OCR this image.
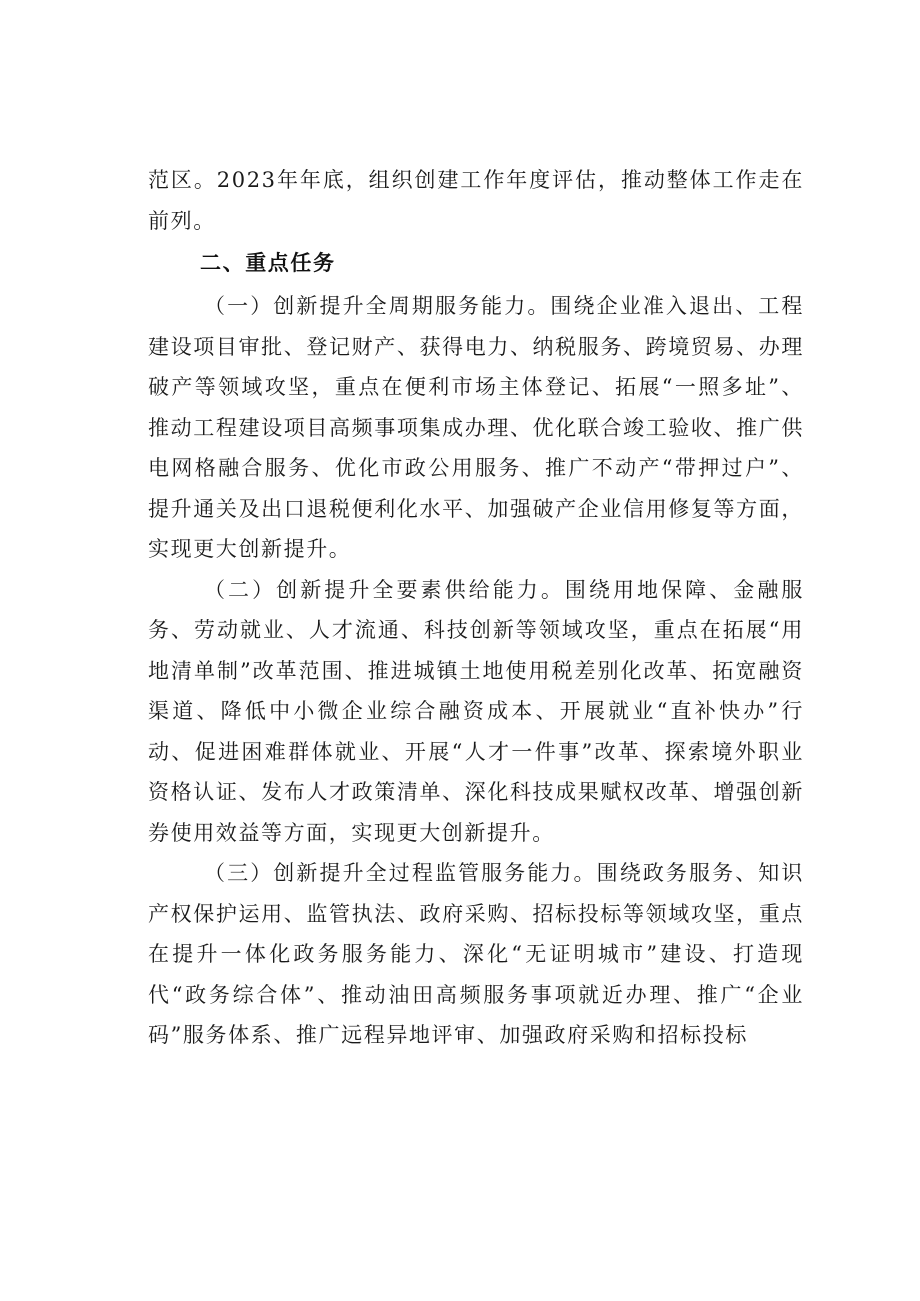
范区。2023年年底，组织创建工作年度评估，推动整体工作走在前列。

二、重点任务

（一）创新提升全周期服务能力。围绕企业准入退出、工程建设项目审批、登记财产、获得电力、纳税服务、跨境贸易、办理破产等领域攻坚，重点在便利市场主体登记、拓展“一照多址”、推动工程建设项目高频事项集成办理、优化联合竣工验收、推广供电网格融合服务、优化市政公用服务、推广不动产“带押过户”、提升通关及出口退税便利化水平、加强破产企业信用修复等方面，实现更大创新提升。

（二）创新提升全要素供给能力。围绕用地保障、金融服务、劳动就业、人才流通、科技创新等领域攻坚，重点在拓展“用地清单制”改革范围、推进城镇土地使用税差别化改革、拓宽融资渠道、降低中小微企业综合融资成本、开展就业“直补快办”行动、促进困难群体就业、开展“人才一件事”改革、探索境外职业资格认证、发布人才政策清单、深化科技成果赋权改革、增强创新券使用效益等方面，实现更大创新提升。

（三）创新提升全过程监管服务能力。围绕政务服务、知识产权保护运用、监管执法、政府采购、招标投标等领域攻坚，重点在提升一体化政务服务能力、深化“无证明城市”建设、打造现代“政务综合体”、推动油田高频服务事项就近办理、推广“企业码”服务体系、推广远程异地评审、加强政府采购和招标投标
